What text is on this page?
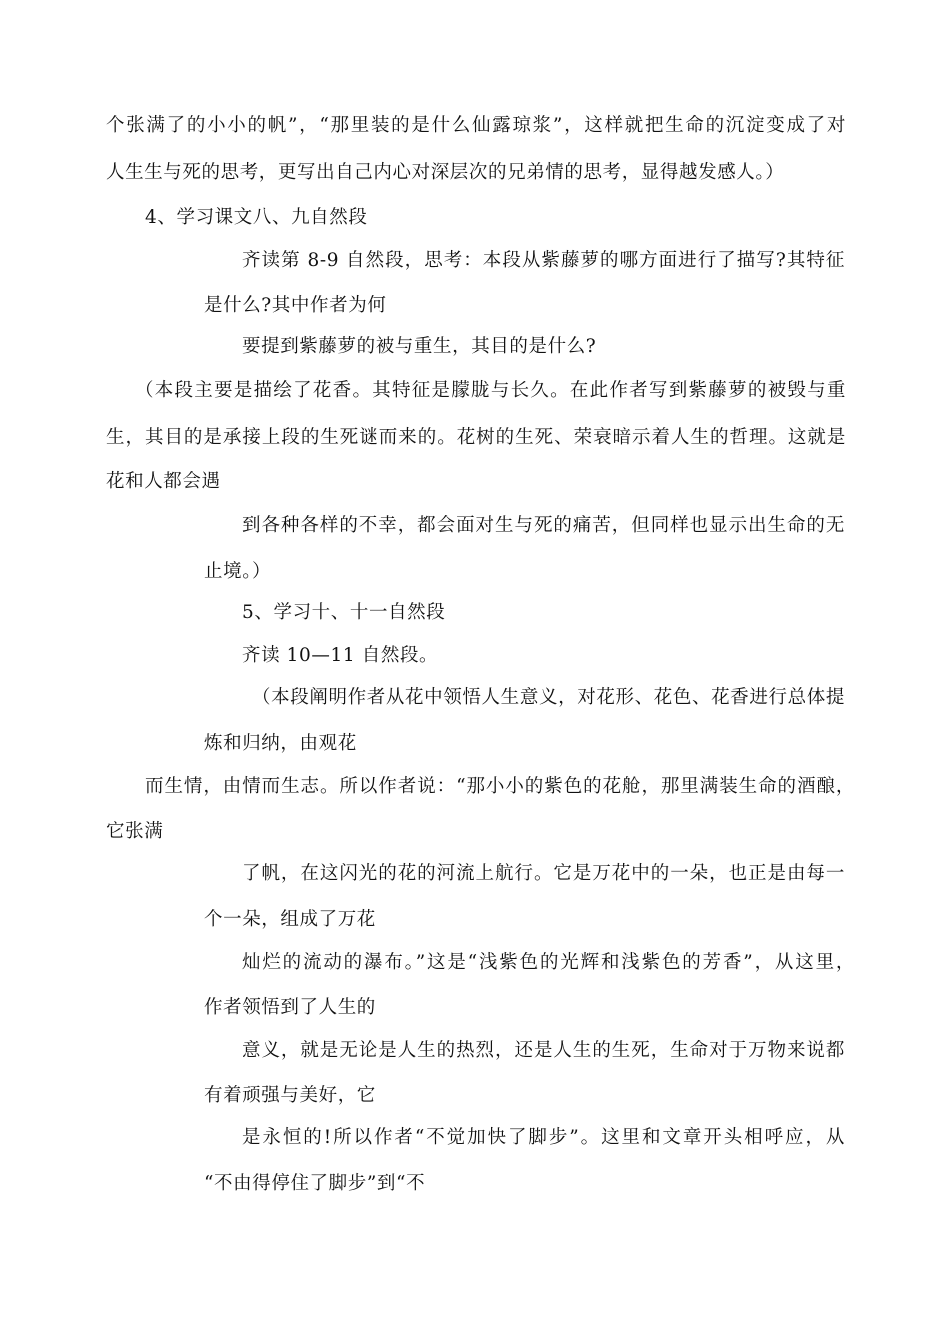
个张满了的小小的帆”，“那里装的是什么仙露琼浆”，这样就把生命的沉淀变成了对
人生生与死的思考，更写出自己内心对深层次的兄弟情的思考，显得越发感人。）
4、学习课文八、九自然段
齐读第 8-9 自然段，思考：本段从紫藤萝的哪方面进行了描写?其特征
是什么?其中作者为何
要提到紫藤萝的被与重生，其目的是什么?
（本段主要是描绘了花香。其特征是朦胧与长久。在此作者写到紫藤萝的被毁与重
生，其目的是承接上段的生死谜而来的。花树的生死、荣衰暗示着人生的哲理。这就是
花和人都会遇
到各种各样的不幸，都会面对生与死的痛苦，但同样也显示出生命的无
止境。）
5、学习十、十一自然段
齐读 10—11 自然段。
（本段阐明作者从花中领悟人生意义，对花形、花色、花香进行总体提
炼和归纳，由观花
而生情，由情而生志。所以作者说：“那小小的紫色的花舱，那里满装生命的酒酿，
它张满
了帆，在这闪光的花的河流上航行。它是万花中的一朵，也正是由每一
个一朵，组成了万花
灿烂的流动的瀑布。”这是“浅紫色的光辉和浅紫色的芳香”，从这里，
作者领悟到了人生的
意义，就是无论是人生的热烈，还是人生的生死，生命对于万物来说都
有着顽强与美好，它
是永恒的!所以作者“不觉加快了脚步”。这里和文章开头相呼应，从
“不由得停住了脚步”到“不
